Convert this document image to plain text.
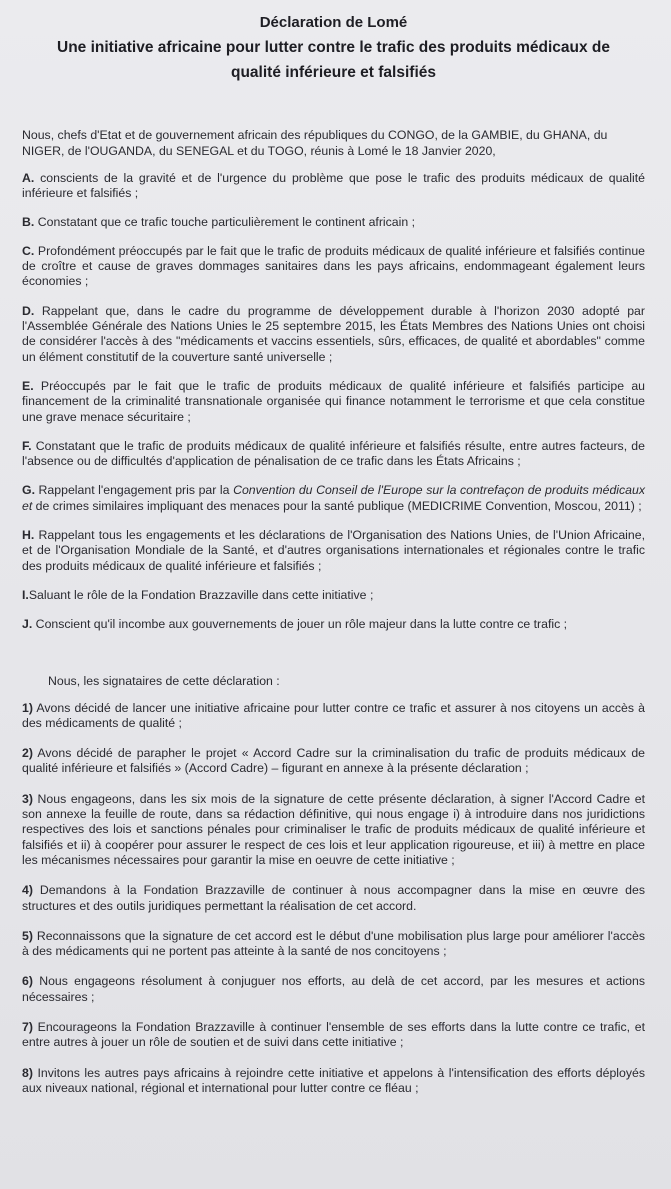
Déclaration de Lomé
Une initiative africaine pour lutter contre le trafic des produits médicaux de
qualité inférieure et falsifiés
Nous, chefs d'Etat et de gouvernement africain des républiques du CONGO, de la GAMBIE, du GHANA, du NIGER, de l'OUGANDA, du SENEGAL et du TOGO, réunis à Lomé le 18 Janvier 2020,
A. conscients de la gravité et de l'urgence du problème que pose le trafic des produits médicaux de qualité inférieure et falsifiés ;
B. Constatant que ce trafic touche particulièrement le continent africain ;
C. Profondément préoccupés par le fait que le trafic de produits médicaux de qualité inférieure et falsifiés continue de croître et cause de graves dommages sanitaires dans les pays africains, endommageant également leurs économies ;
D. Rappelant que, dans le cadre du programme de développement durable à l'horizon 2030 adopté par l'Assemblée Générale des Nations Unies le 25 septembre 2015, les États Membres des Nations Unies ont choisi de considérer l'accès à des "médicaments et vaccins essentiels, sûrs, efficaces, de qualité et abordables" comme un élément constitutif de la couverture santé universelle ;
E. Préoccupés par le fait que le trafic de produits médicaux de qualité inférieure et falsifiés participe au financement de la criminalité transnationale organisée qui finance notamment le terrorisme et que cela constitue une grave menace sécuritaire ;
F. Constatant que le trafic de produits médicaux de qualité inférieure et falsifiés résulte, entre autres facteurs, de l'absence ou de difficultés d'application de pénalisation de ce trafic dans les États Africains ;
G. Rappelant l'engagement pris par la Convention du Conseil de l'Europe sur la contrefaçon de produits médicaux et de crimes similaires impliquant des menaces pour la santé publique (MEDICRIME Convention, Moscou, 2011) ;
H. Rappelant tous les engagements et les déclarations de l'Organisation des Nations Unies, de l'Union Africaine, et de l'Organisation Mondiale de la Santé, et d'autres organisations internationales et régionales contre le trafic des produits médicaux de qualité inférieure et falsifiés ;
I.Saluant le rôle de la Fondation Brazzaville dans cette initiative ;
J. Conscient qu'il incombe aux gouvernements de jouer un rôle majeur dans la lutte contre ce trafic ;
Nous, les signataires de cette déclaration :
1) Avons décidé de lancer une initiative africaine pour lutter contre ce trafic et assurer à nos citoyens un accès à des médicaments de qualité ;
2) Avons décidé de parapher le projet « Accord Cadre sur la criminalisation du trafic de produits médicaux de qualité inférieure et falsifiés » (Accord Cadre) – figurant en annexe à la présente déclaration ;
3) Nous engageons, dans les six mois de la signature de cette présente déclaration, à signer l'Accord Cadre et son annexe la feuille de route, dans sa rédaction définitive, qui nous engage i) à introduire dans nos juridictions respectives des lois et sanctions pénales pour criminaliser le trafic de produits médicaux de qualité inférieure et falsifiés et ii) à coopérer pour assurer le respect de ces lois et leur application rigoureuse, et iii) à mettre en place les mécanismes nécessaires pour garantir la mise en oeuvre de cette initiative ;
4) Demandons à la Fondation Brazzaville de continuer à nous accompagner dans la mise en œuvre des structures et des outils juridiques permettant la réalisation de cet accord.
5) Reconnaissons que la signature de cet accord est le début d'une mobilisation plus large pour améliorer l'accès à des médicaments qui ne portent pas atteinte à la santé de nos concitoyens ;
6) Nous engageons résolument à conjuguer nos efforts, au delà de cet accord, par les mesures et actions nécessaires ;
7) Encourageons la Fondation Brazzaville à continuer l'ensemble de ses efforts dans la lutte contre ce trafic, et entre autres à jouer un rôle de soutien et de suivi dans cette initiative ;
8) Invitons les autres pays africains à rejoindre cette initiative et appelons à l'intensification des efforts déployés aux niveaux national, régional et international pour lutter contre ce fléau ;
